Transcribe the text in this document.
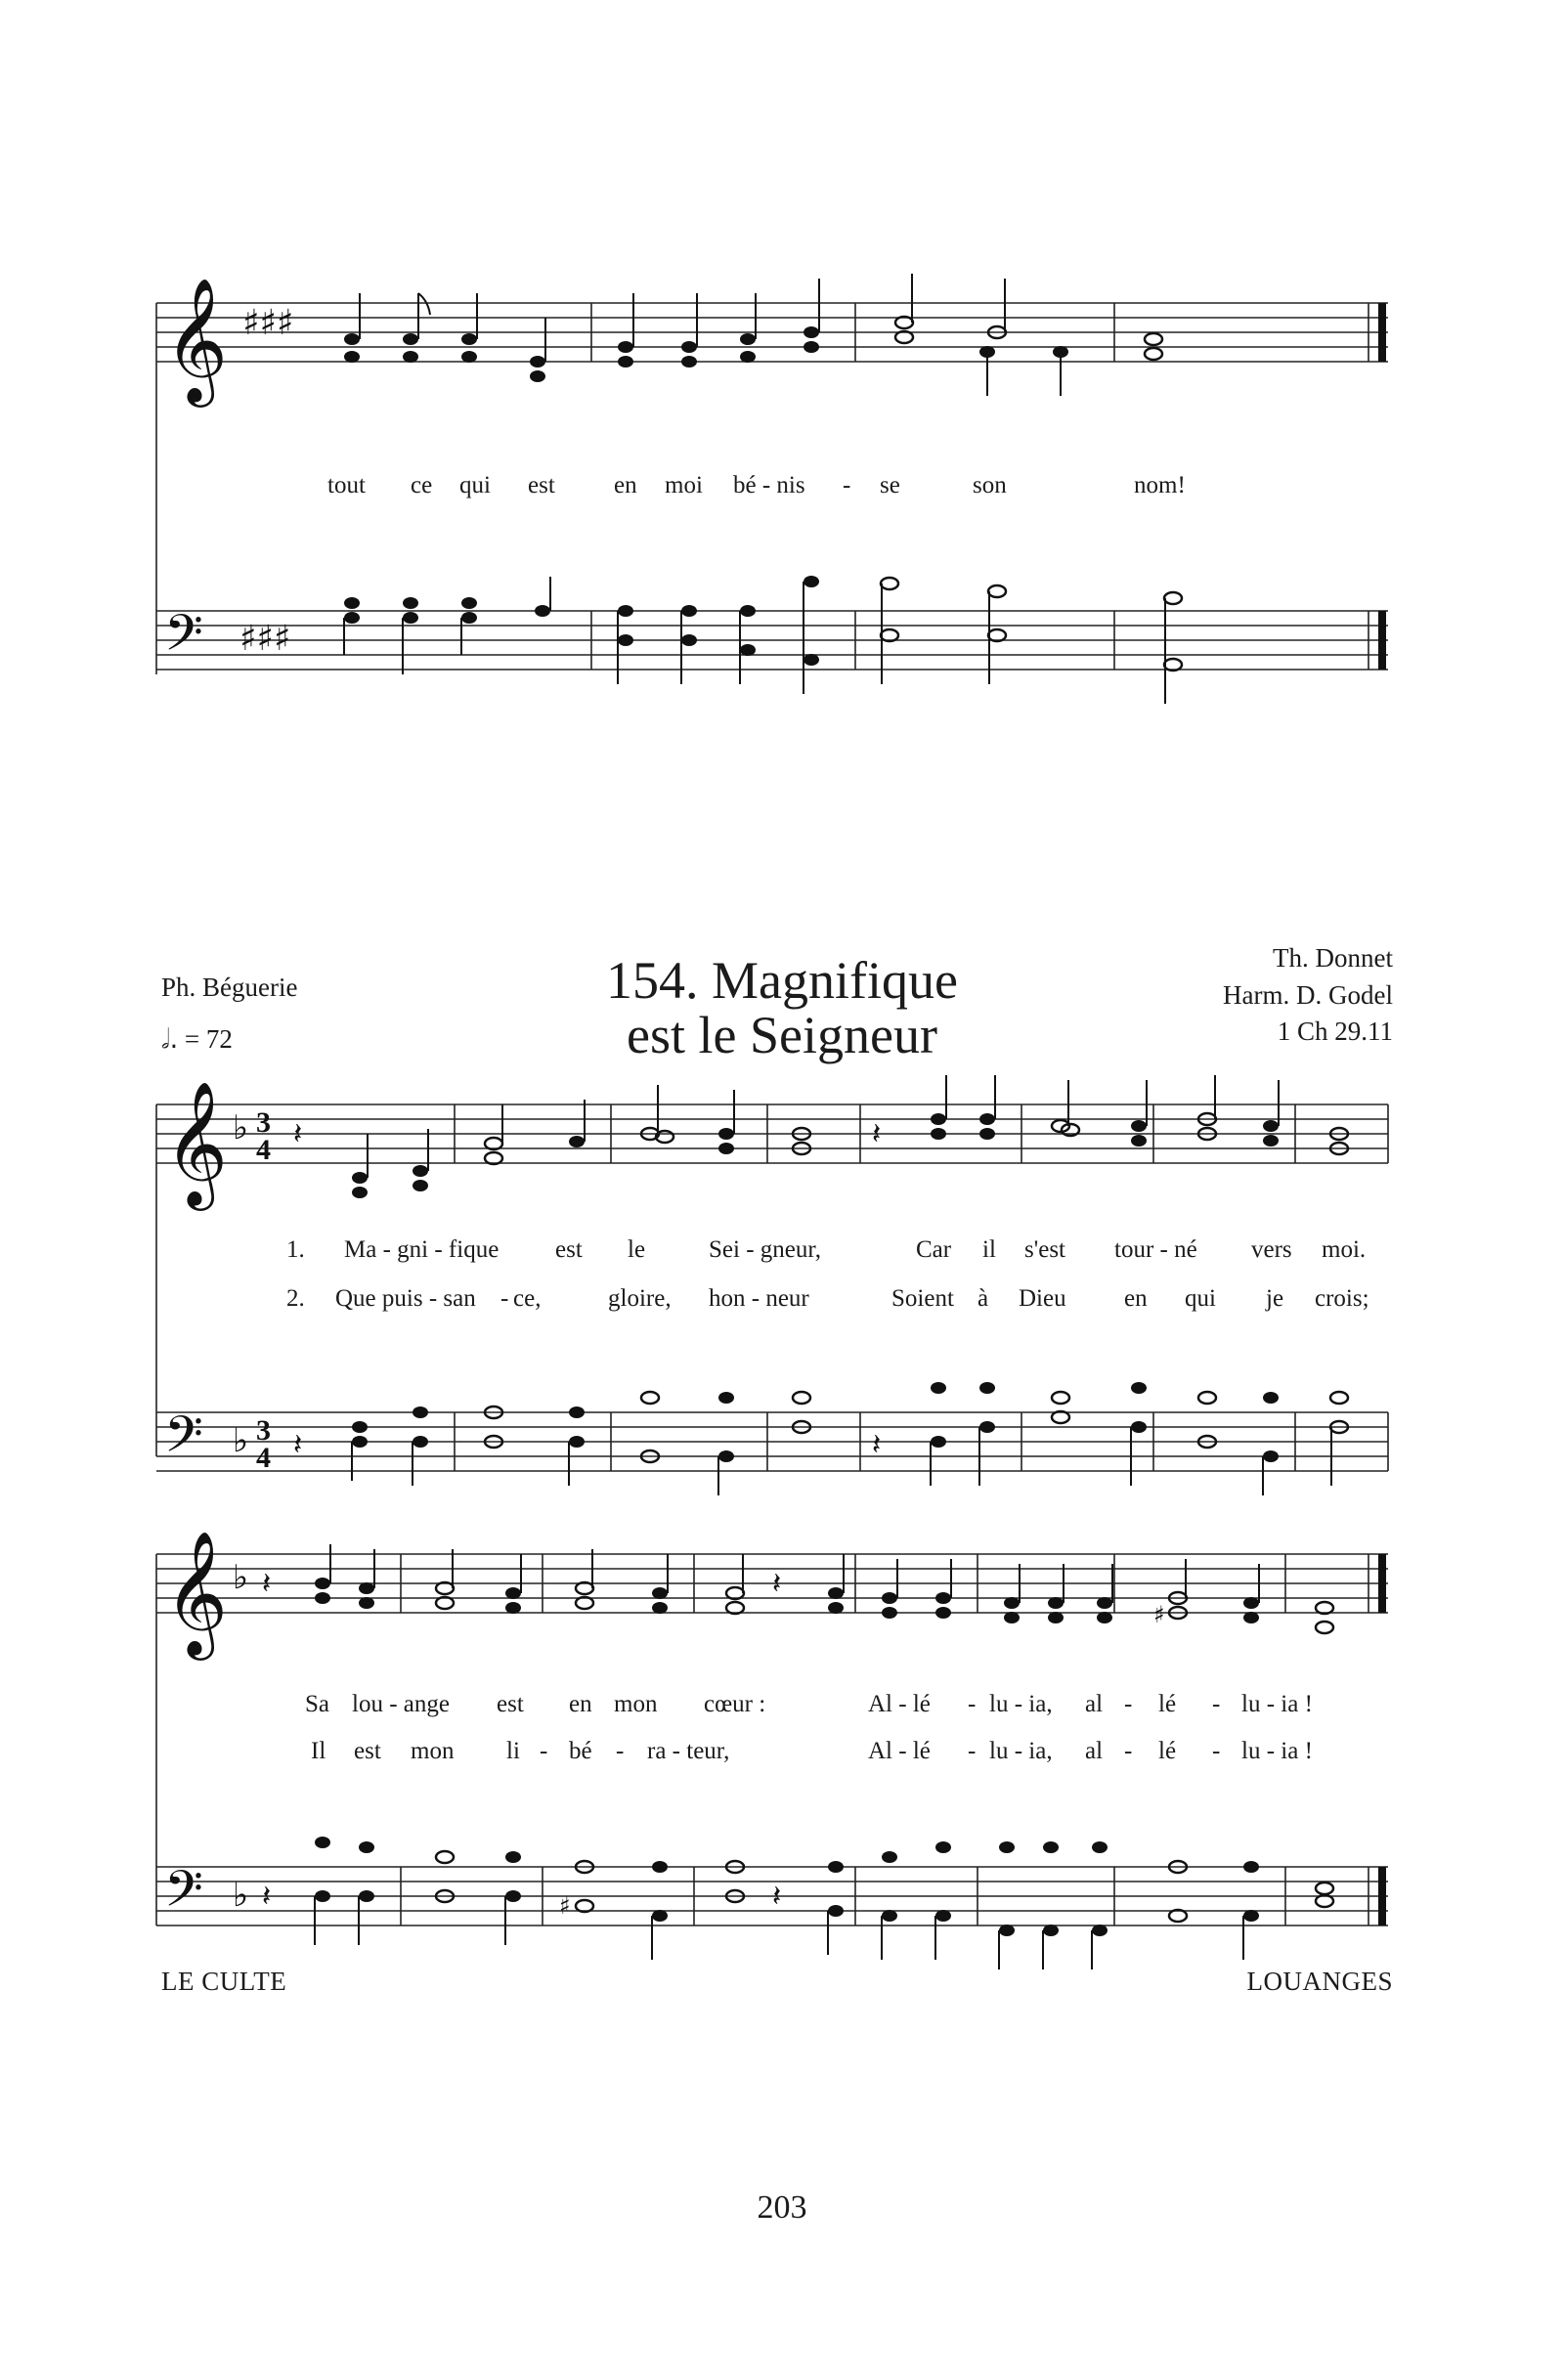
𝄞 ♯♯♯
tout ce qui est en moi bé - nis - se	son	nom!
𝄢 ♯♯♯
Ph. Béguerie
𝅗𝅥. = 72
154. Magnifique
est le Seigneur
Th. Donnet
Harm. D. Godel
1 Ch 29.11
𝄞 ♭ 3
4 𝄽	𝄽
1. Ma - gni - fique est le	Sei - gneur,	Car il s'est tour - né vers moi.
2. Que puis - san - ce,	gloire, hon - neur	Soient à Dieu en qui je crois;
𝄢 ♭ 3
4 𝄽	𝄽
𝄞 ♭ 𝄽	𝄽
♯
Sa lou - ange est en mon cœur :	Al - lé - lu - ia, al - lé - lu - ia !
Il est mon li - bé - ra - teur,	Al - lé - lu - ia, al - lé - lu - ia !
𝄢 ♭ 𝄽	𝄽
♯
LE CULTE	LOUANGES
203
